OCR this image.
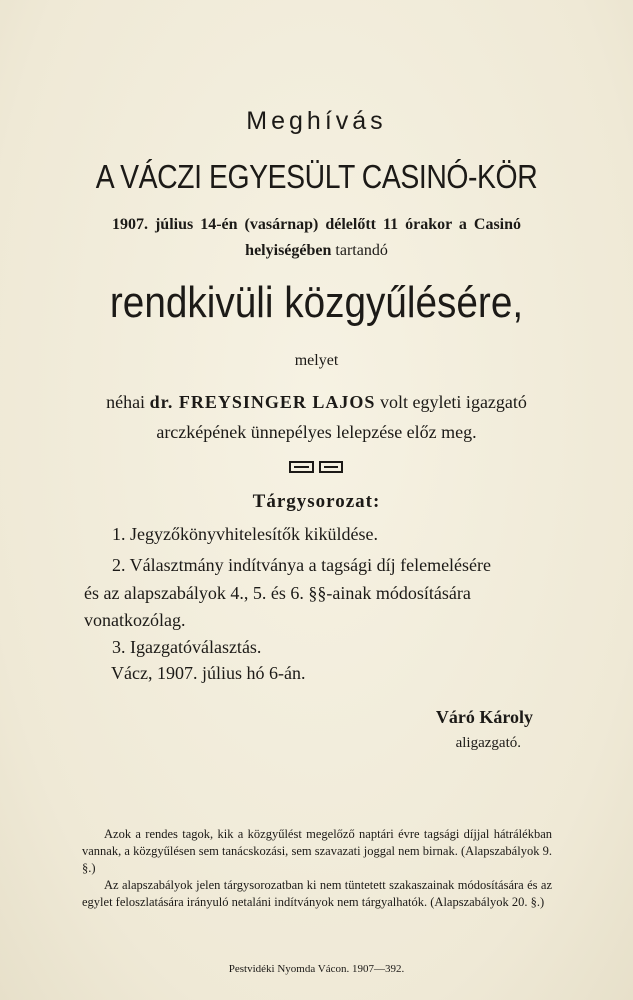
Meghívás
A VÁCZI EGYESÜLT CASINÓ-KÖR
1907. július 14-én (vasárnap) délelőtt 11 órakor a Casinó
helyiségében tartandó
rendkivüli közgyűlésére,
melyet
néhai dr. FREYSINGER LAJOS volt egyleti igazgató
arczképének ünnepélyes lelepzése előz meg.
Tárgysorozat:
1. Jegyzőkönyvhitelesítők kiküldése.
2. Választmány indítványa a tagsági díj felemelésére
és az alapszabályok 4., 5. és 6. §§-ainak módosítására
vonatkozólag.
3. Igazgatóválasztás.
Vácz, 1907. július hó 6-án.
Váró Károly
aligazgató.

Azok a rendes tagok, kik a közgyűlést megelőző naptári évre tagsági díjjal hátrálékban vannak, a közgyűlésen sem tanácskozási, sem szavazati joggal nem birnak. (Alapszabályok 9. §.)

Az alapszabályok jelen tárgysorozatban ki nem tüntetett szakaszainak módosítására és az egylet feloszlatására irányuló netaláni indítványok nem tárgyalhatók. (Alapszabályok 20. §.)

Pestvidéki Nyomda Vácon. 1907—392.
